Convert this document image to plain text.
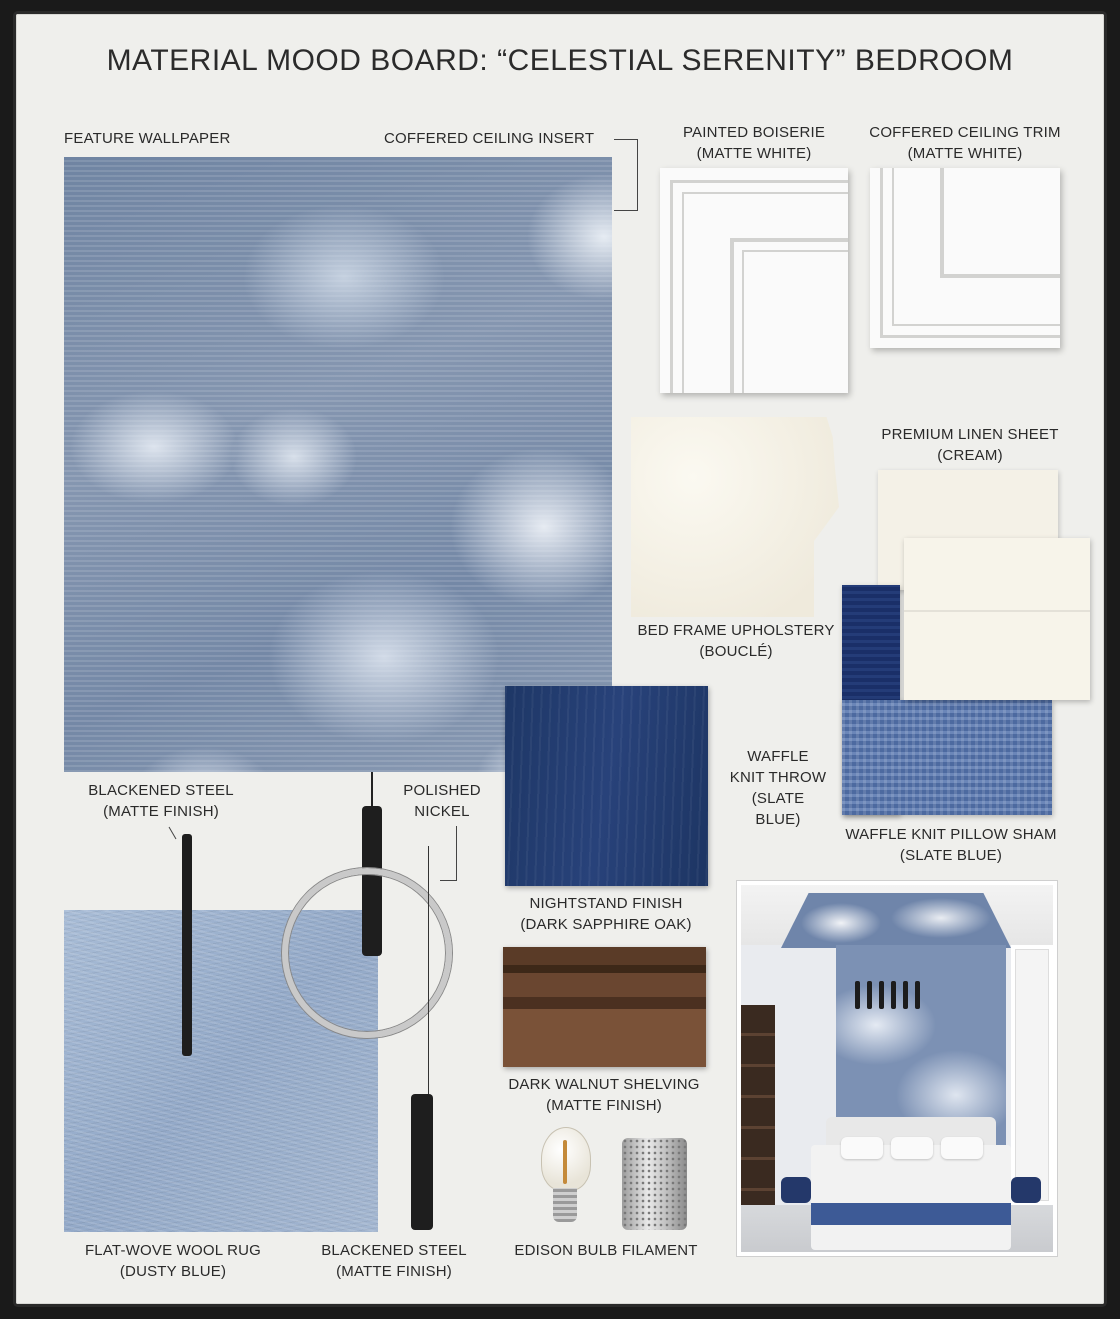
MATERIAL MOOD BOARD: “CELESTIAL SERENITY” BEDROOM
FEATURE WALLPAPER	COFFERED CEILING INSERT	PAINTED BOISERIE
(MATTE WHITE)
COFFERED CEILING TRIM
(MATTE WHITE)
BED FRAME UPHOLSTERY
(BOUCLÉ)
PREMIUM LINEN SHEET
(CREAM)
WAFFLE
KNIT THROW
(SLATE
BLUE)
WAFFLE KNIT PILLOW SHAM
(SLATE BLUE)
NIGHTSTAND FINISH
(DARK SAPPHIRE OAK)
DARK WALNUT SHELVING
(MATTE FINISH)
FLAT-WOVE WOOL RUG
(DUSTY BLUE)
BLACKENED STEEL
(MATTE FINISH)
POLISHED
NICKEL
BLACKENED STEEL
(MATTE FINISH)
EDISON BULB FILAMENT
